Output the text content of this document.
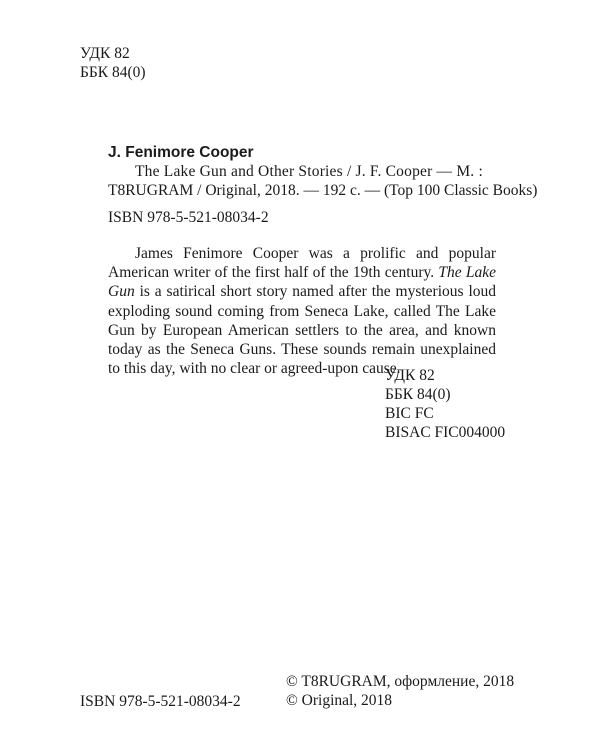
УДК 82
ББК 84(0)
J. Fenimore Cooper
The Lake Gun and Other Stories / J. F. Cooper — M. :
T8RUGRAM / Original, 2018. — 192 с. — (Top 100 Classic Books)
ISBN 978-5-521-08034-2

James Fenimore Cooper was a prolific and popular American writer of the first half of the 19th century. The Lake Gun is a satirical short story named after the mysterious loud exploding sound coming from Seneca Lake, called The Lake Gun by European American settlers to the area, and known today as the Seneca Guns. These sounds remain unexplained to this day, with no clear or agreed-upon cause.

УДК 82
ББК 84(0)
BIC FC
BISAC FIC004000
© T8RUGRAM, оформление, 2018
© Original, 2018
ISBN 978-5-521-08034-2
